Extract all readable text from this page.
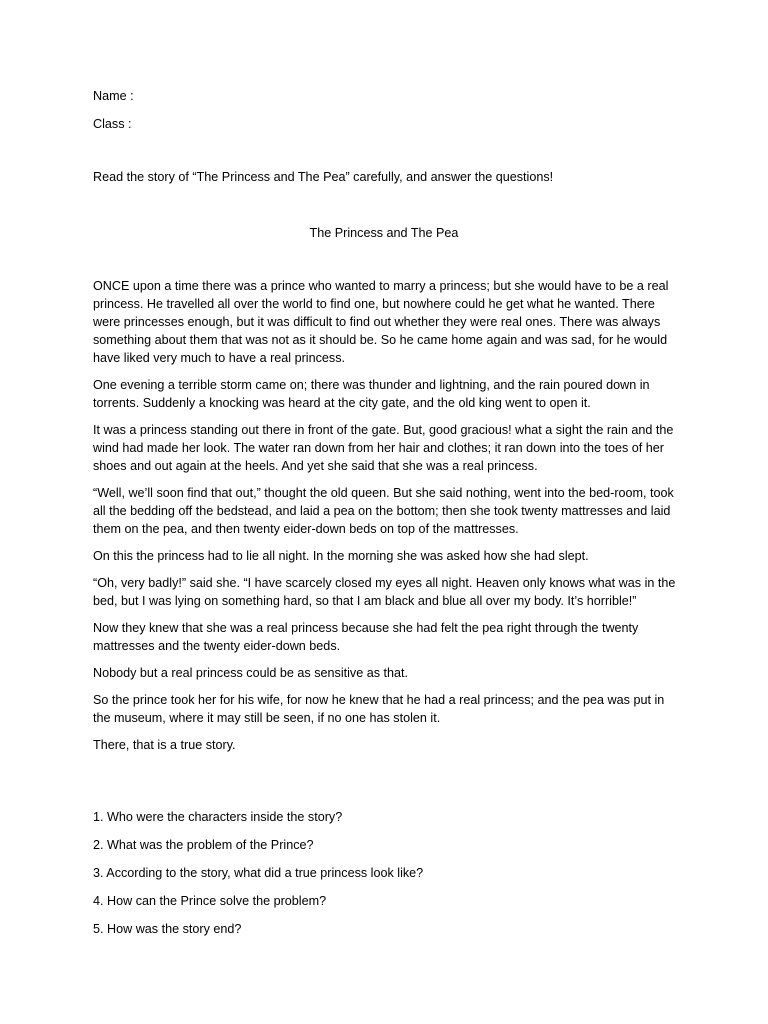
Name :
Class :
Read the story of “The Princess and The Pea” carefully, and answer the questions!
The Princess and The Pea

ONCE upon a time there was a prince who wanted to marry a princess; but she would have to be a real princess. He travelled all over the world to find one, but nowhere could he get what he wanted. There were princesses enough, but it was difficult to find out whether they were real ones. There was always something about them that was not as it should be. So he came home again and was sad, for he would have liked very much to have a real princess.

One evening a terrible storm came on; there was thunder and lightning, and the rain poured down in torrents. Suddenly a knocking was heard at the city gate, and the old king went to open it.

It was a princess standing out there in front of the gate. But, good gracious! what a sight the rain and the wind had made her look. The water ran down from her hair and clothes; it ran down into the toes of her shoes and out again at the heels. And yet she said that she was a real princess.

“Well, we’ll soon find that out,” thought the old queen. But she said nothing, went into the bed-room, took all the bedding off the bedstead, and laid a pea on the bottom; then she took twenty mattresses and laid them on the pea, and then twenty eider-down beds on top of the mattresses.

On this the princess had to lie all night. In the morning she was asked how she had slept.

“Oh, very badly!” said she. “I have scarcely closed my eyes all night. Heaven only knows what was in the bed, but I was lying on something hard, so that I am black and blue all over my body. It’s horrible!”

Now they knew that she was a real princess because she had felt the pea right through the twenty mattresses and the twenty eider-down beds.

Nobody but a real princess could be as sensitive as that.

So the prince took her for his wife, for now he knew that he had a real princess; and the pea was put in the museum, where it may still be seen, if no one has stolen it.

There, that is a true story.

1. Who were the characters inside the story?

2. What was the problem of the Prince?

3. According to the story, what did a true princess look like?

4. How can the Prince solve the problem?

5. How was the story end?
